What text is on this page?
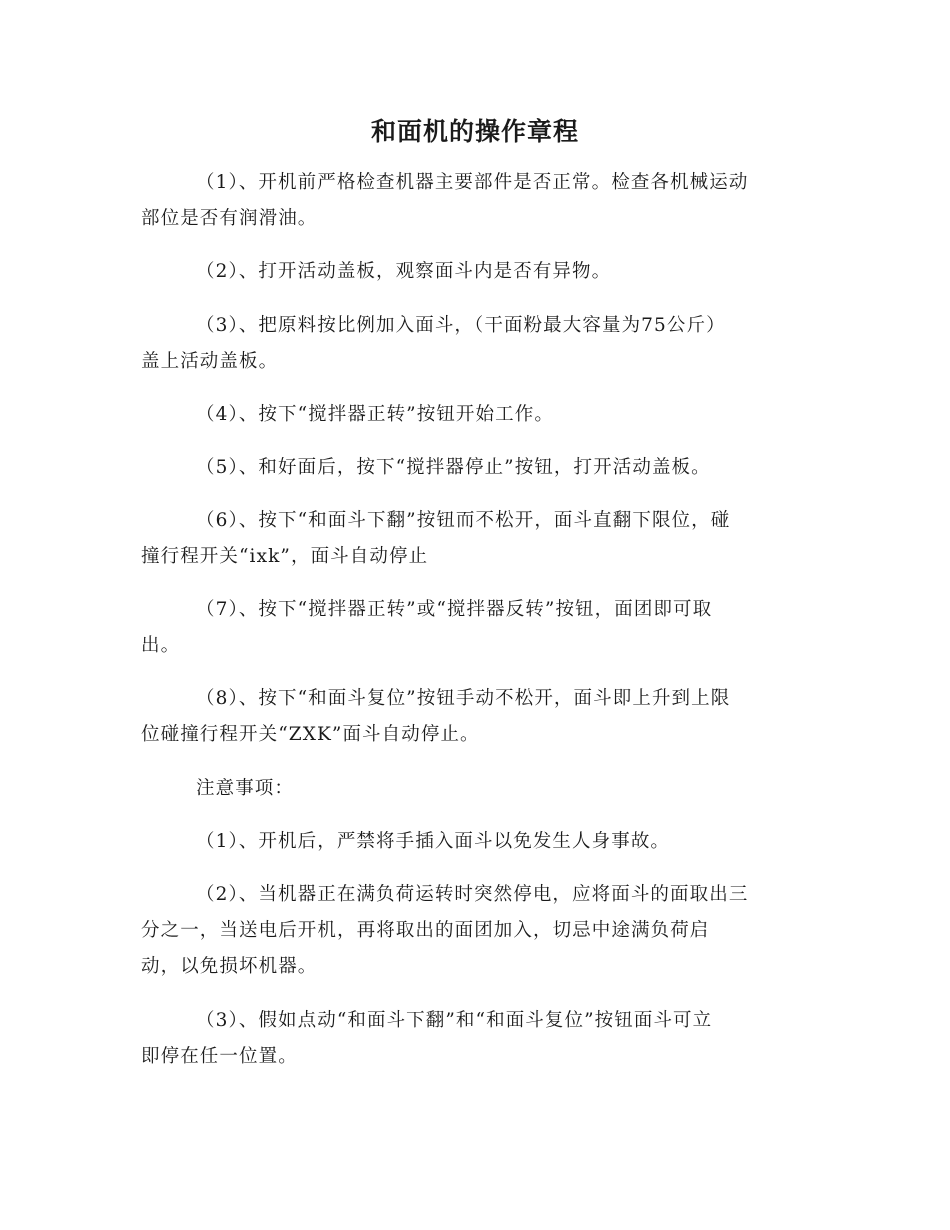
和面机的操作章程

（1）、开机前严格检查机器主要部件是否正常。检查各机械运动
部位是否有润滑油。

（2）、打开活动盖板，观察面斗内是否有异物。

（3）、把原料按比例加入面斗，（干面粉最大容量为75公斤）
盖上活动盖板。

（4）、按下“搅拌器正转”按钮开始工作。

（5）、和好面后，按下“搅拌器停止”按钮，打开活动盖板。

（6）、按下“和面斗下翻”按钮而不松开，面斗直翻下限位，碰
撞行程开关“ixk”，面斗自动停止

（7）、按下“搅拌器正转”或“搅拌器反转”按钮，面团即可取
出。

（8）、按下“和面斗复位”按钮手动不松开，面斗即上升到上限
位碰撞行程开关“ZXK”面斗自动停止。

注意事项：

（1）、开机后，严禁将手插入面斗以免发生人身事故。

（2）、当机器正在满负荷运转时突然停电，应将面斗的面取出三
分之一，当送电后开机，再将取出的面团加入，切忌中途满负荷启
动，以免损坏机器。

（3）、假如点动“和面斗下翻”和“和面斗复位”按钮面斗可立
即停在任一位置。
